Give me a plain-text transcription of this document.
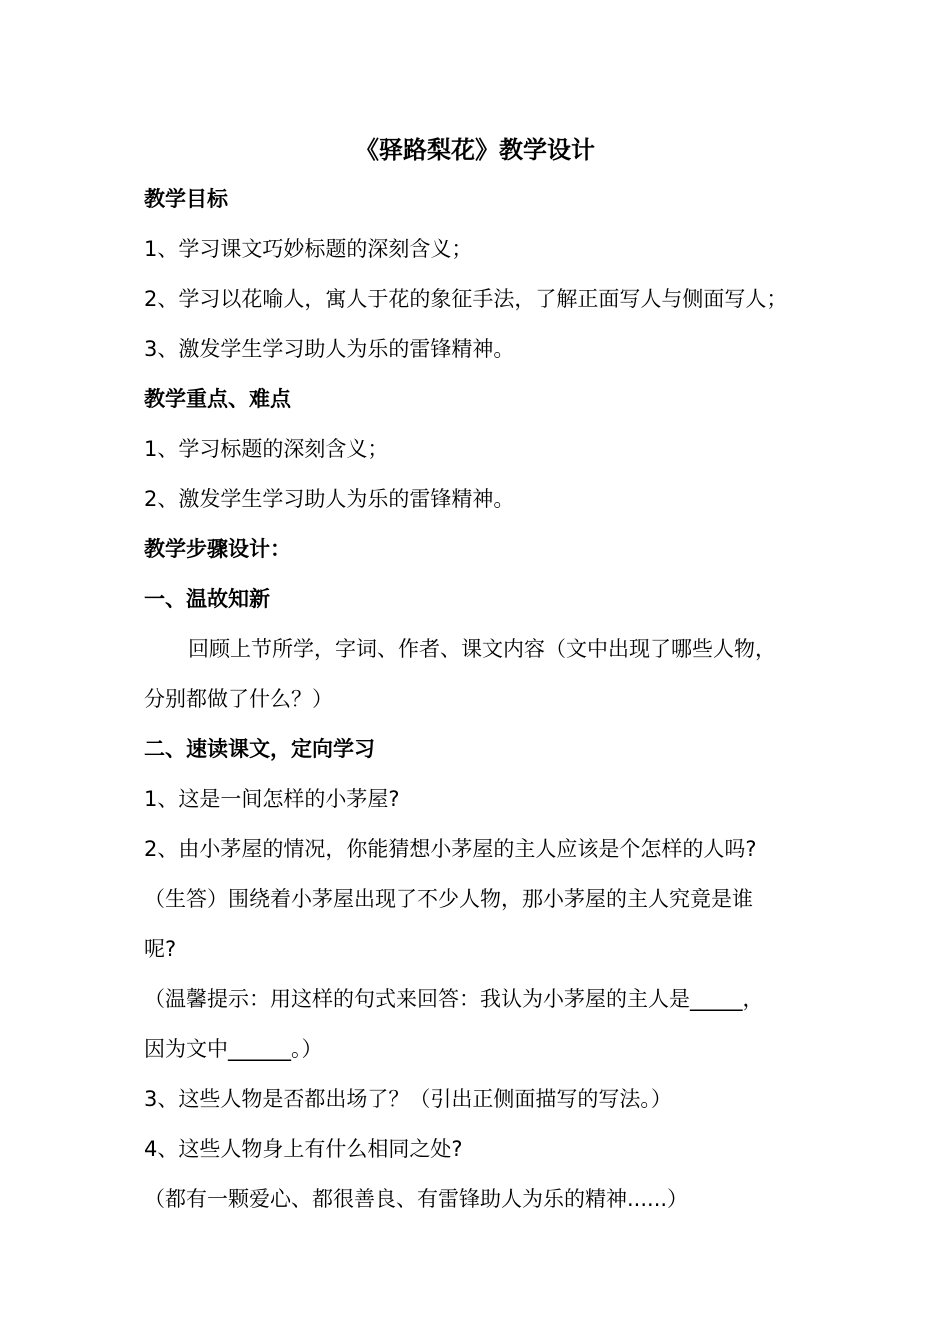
《驿路梨花》教学设计
教学目标
1、学习课文巧妙标题的深刻含义；
2、学习以花喻人，寓人于花的象征手法，了解正面写人与侧面写人；
3、激发学生学习助人为乐的雷锋精神。
教学重点、难点
1、学习标题的深刻含义；
2、激发学生学习助人为乐的雷锋精神。
教学步骤设计：
一、温故知新
回顾上节所学，字词、作者、课文内容（文中出现了哪些人物，
分别都做了什么？）
二、速读课文，定向学习
1、这是一间怎样的小茅屋?
2、由小茅屋的情况，你能猜想小茅屋的主人应该是个怎样的人吗?
（生答）围绕着小茅屋出现了不少人物，那小茅屋的主人究竟是谁
呢?
（温馨提示：用这样的句式来回答：我认为小茅屋的主人是_____，
因为文中______。）
3、这些人物是否都出场了？（引出正侧面描写的写法。）
4、这些人物身上有什么相同之处?
（都有一颗爱心、都很善良、有雷锋助人为乐的精神......）
